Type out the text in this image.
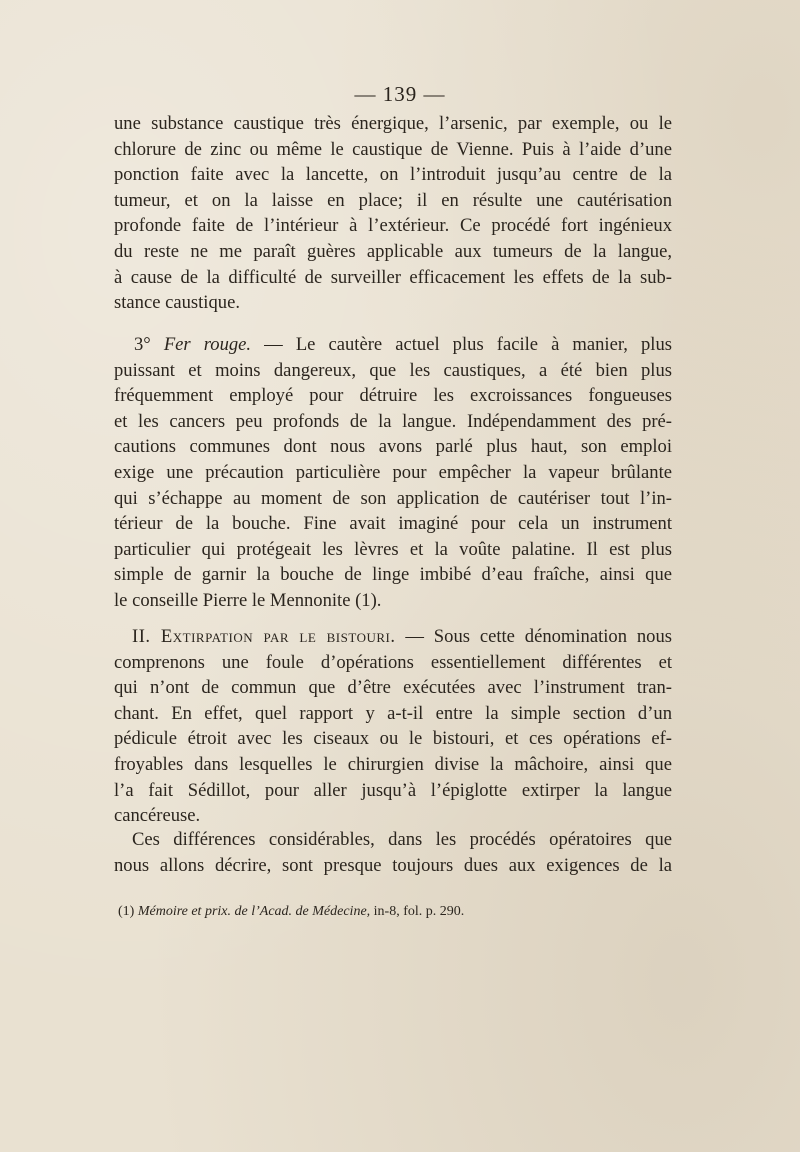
— 139 —
une substance caustique très énergique, l’arsenic, par exemple, ou le
chlorure de zinc ou même le caustique de Vienne. Puis à l’aide d’une
ponction faite avec la lancette, on l’introduit jusqu’au centre de la
tumeur, et on la laisse en place; il en résulte une cautérisation
profonde faite de l’intérieur à l’extérieur. Ce procédé fort ingénieux
du reste ne me paraît guères applicable aux tumeurs de la langue,
à cause de la difficulté de surveiller efficacement les effets de la sub-
stance caustique.
3° Fer rouge. — Le cautère actuel plus facile à manier, plus
puissant et moins dangereux, que les caustiques, a été bien plus
fréquemment employé pour détruire les excroissances fongueuses
et les cancers peu profonds de la langue. Indépendamment des pré-
cautions communes dont nous avons parlé plus haut, son emploi
exige une précaution particulière pour empêcher la vapeur brûlante
qui s’échappe au moment de son application de cautériser tout l’in-
térieur de la bouche. Fine avait imaginé pour cela un instrument
particulier qui protégeait les lèvres et la voûte palatine. Il est plus
simple de garnir la bouche de linge imbibé d’eau fraîche, ainsi que
le conseille Pierre le Mennonite (1).
II. Extirpation par le bistouri. — Sous cette dénomination nous
comprenons une foule d’opérations essentiellement différentes et
qui n’ont de commun que d’être exécutées avec l’instrument tran-
chant. En effet, quel rapport y a-t-il entre la simple section d’un
pédicule étroit avec les ciseaux ou le bistouri, et ces opérations ef-
froyables dans lesquelles le chirurgien divise la mâchoire, ainsi que
l’a fait Sédillot, pour aller jusqu’à l’épiglotte extirper la langue
cancéreuse.
Ces différences considérables, dans les procédés opératoires que
nous allons décrire, sont presque toujours dues aux exigences de la
(1) Mémoire et prix. de l’Acad. de Médecine, in-8, fol. p. 290.
